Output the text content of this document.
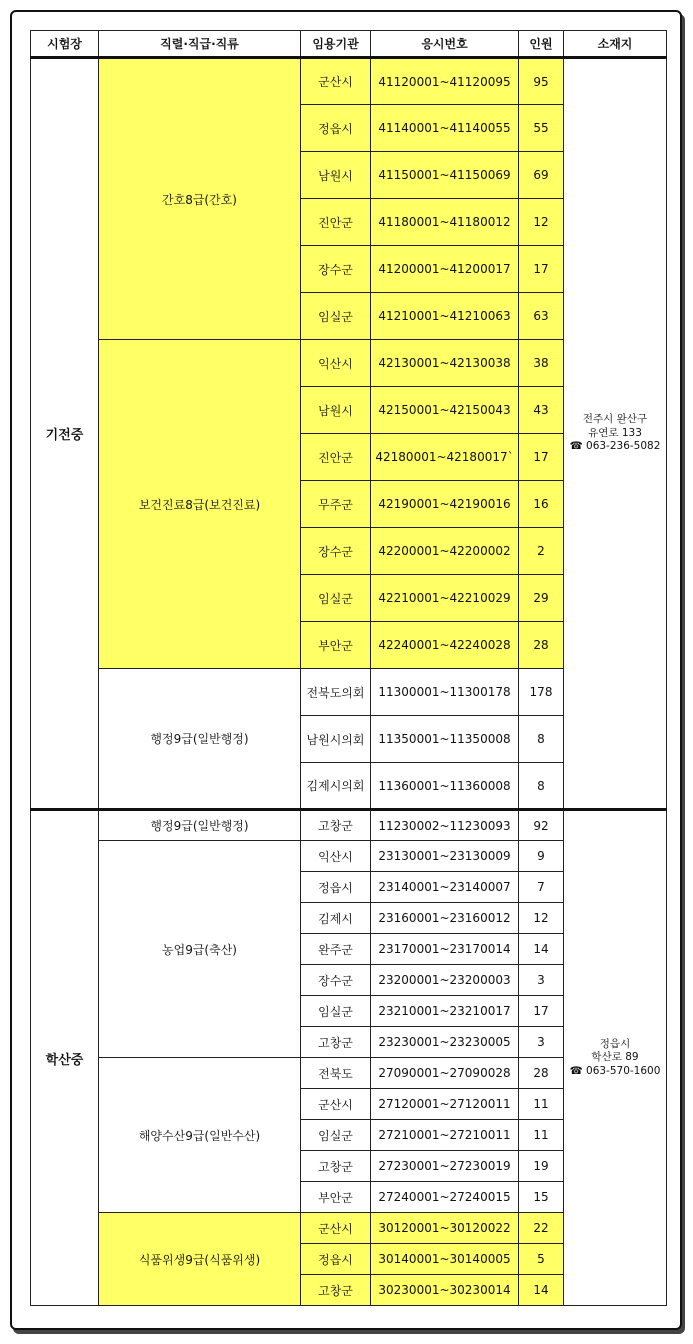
시험장	직렬·직급·직류	임용기관	응시번호	인원	소재지
기전중	간호8급(간호)	군산시	41120001~41120095	95	전주시 완산구
유연로 133
☎ 063-236-5082

		정읍시	41140001~41140055	55	
		남원시	41150001~41150069	69	
		진안군	41180001~41180012	12	
		장수군	41200001~41200017	17	
		임실군	41210001~41210063	63	
	보건진료8급(보건진료)	익산시	42130001~42130038	38	
		남원시	42150001~42150043	43	
		진안군	42180001~42180017`	17	
		무주군	42190001~42190016	16	
		장수군	42200001~42200002	2	
		임실군	42210001~42210029	29	
		부안군	42240001~42240028	28	
	행정9급(일반행정)	전북도의회	11300001~11300178	178	
		남원시의회	11350001~11350008	8	
		김제시의회	11360001~11360008	8	
학산중	행정9급(일반행정)	고창군	11230002~11230093	92	정읍시
학산로 89
☎ 063-570-1600

	농업9급(축산)	익산시	23130001~23130009	9	
		정읍시	23140001~23140007	7	
		김제시	23160001~23160012	12	
		완주군	23170001~23170014	14	
		장수군	23200001~23200003	3	
		임실군	23210001~23210017	17	
		고창군	23230001~23230005	3	
	해양수산9급(일반수산)	전북도	27090001~27090028	28	
		군산시	27120001~27120011	11	
		임실군	27210001~27210011	11	
		고창군	27230001~27230019	19	
		부안군	27240001~27240015	15	
	식품위생9급(식품위생)	군산시	30120001~30120022	22	
		정읍시	30140001~30140005	5	
		고창군	30230001~30230014	14	
